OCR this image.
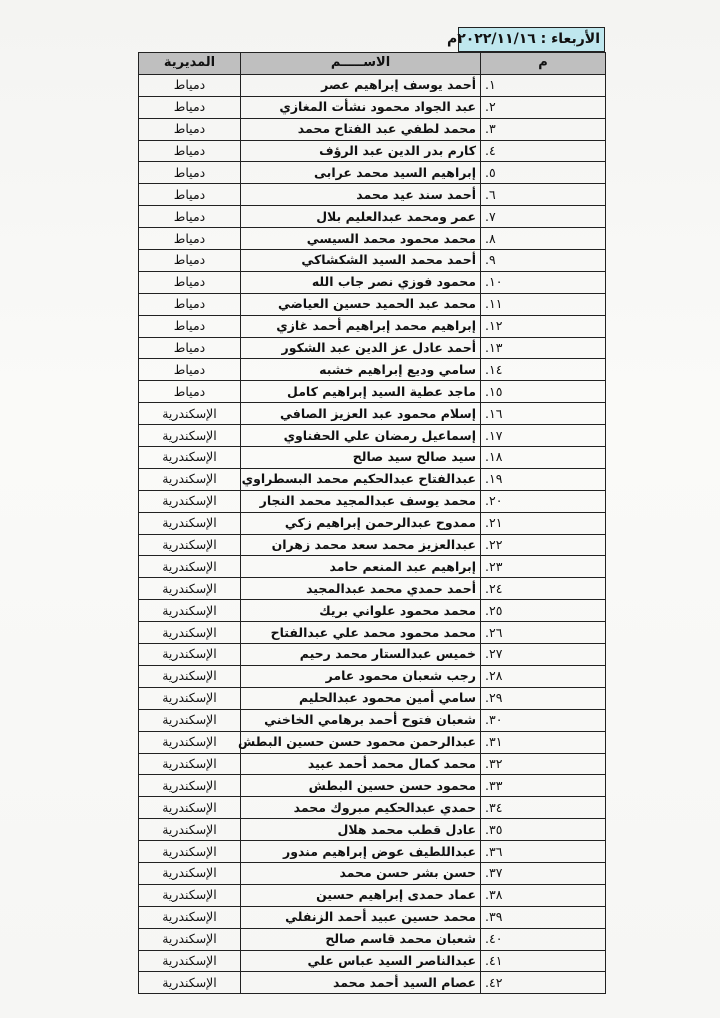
الأربعاء : ٢٠٢٢/١١/١٦م
م	الاســـــم	المديرية
١.	أحمد يوسف إبراهيم عصر	دمياط
٢.	عبد الجواد محمود نشأت المغازي	دمياط
٣.	محمد لطفي عبد الفتاح محمد	دمياط
٤.	كارم بدر الدين عبد الرؤف	دمياط
٥.	إبراهيم السيد محمد عرابى	دمياط
٦.	أحمد سند عيد محمد	دمياط
٧.	عمر ومحمد عبدالعليم بلال	دمياط
٨.	محمد محمود محمد السيسي	دمياط
٩.	أحمد محمد السيد الشكشاكي	دمياط
١٠.	محمود فوزي نصر جاب الله	دمياط
١١.	محمد عبد الحميد حسين العياضي	دمياط
١٢.	إبراهيم محمد إبراهيم أحمد غازي	دمياط
١٣.	أحمد عادل عز الدين عبد الشكور	دمياط
١٤.	سامي وديع إبراهيم خشبه	دمياط
١٥.	ماجد عطية السيد إبراهيم كامل	دمياط
١٦.	إسلام محمود عبد العزيز الصافي	الإسكندرية
١٧.	إسماعيل رمضان علي الحفناوي	الإسكندرية
١٨.	سيد صالح سيد صالح	الإسكندرية
١٩.	عبدالفتاح عبدالحكيم محمد البسطراوي	الإسكندرية
٢٠.	محمد يوسف عبدالمجيد محمد النجار	الإسكندرية
٢١.	ممدوح عبدالرحمن إبراهيم زكي	الإسكندرية
٢٢.	عبدالعزيز محمد سعد محمد زهران	الإسكندرية
٢٣.	إبراهيم عبد المنعم حامد	الإسكندرية
٢٤.	أحمد حمدي محمد عبدالمجيد	الإسكندرية
٢٥.	محمد محمود علواني بريك	الإسكندرية
٢٦.	محمد محمود محمد علي عبدالفتاح	الإسكندرية
٢٧.	خميس عبدالستار محمد رحيم	الإسكندرية
٢٨.	رجب شعبان محمود عامر	الإسكندرية
٢٩.	سامي أمين محمود عبدالحليم	الإسكندرية
٣٠.	شعبان فتوح أحمد برهامي الخاخني	الإسكندرية
٣١.	عبدالرحمن محمود حسن حسين البطش	الإسكندرية
٣٢.	محمد كمال محمد أحمد عبيد	الإسكندرية
٣٣.	محمود حسن حسين البطش	الإسكندرية
٣٤.	حمدي عبدالحكيم مبروك محمد	الإسكندرية
٣٥.	عادل قطب محمد هلال	الإسكندرية
٣٦.	عبداللطيف عوض إبراهيم مندور	الإسكندرية
٣٧.	حسن بشر حسن محمد	الإسكندرية
٣٨.	عماد حمدى إبراهيم حسين	الإسكندرية
٣٩.	محمد حسين عبيد أحمد الزنفلي	الإسكندرية
٤٠.	شعبان محمد قاسم صالح	الإسكندرية
٤١.	عبدالناصر السيد عباس علي	الإسكندرية
٤٢.	عصام السيد أحمد محمد	الإسكندرية
